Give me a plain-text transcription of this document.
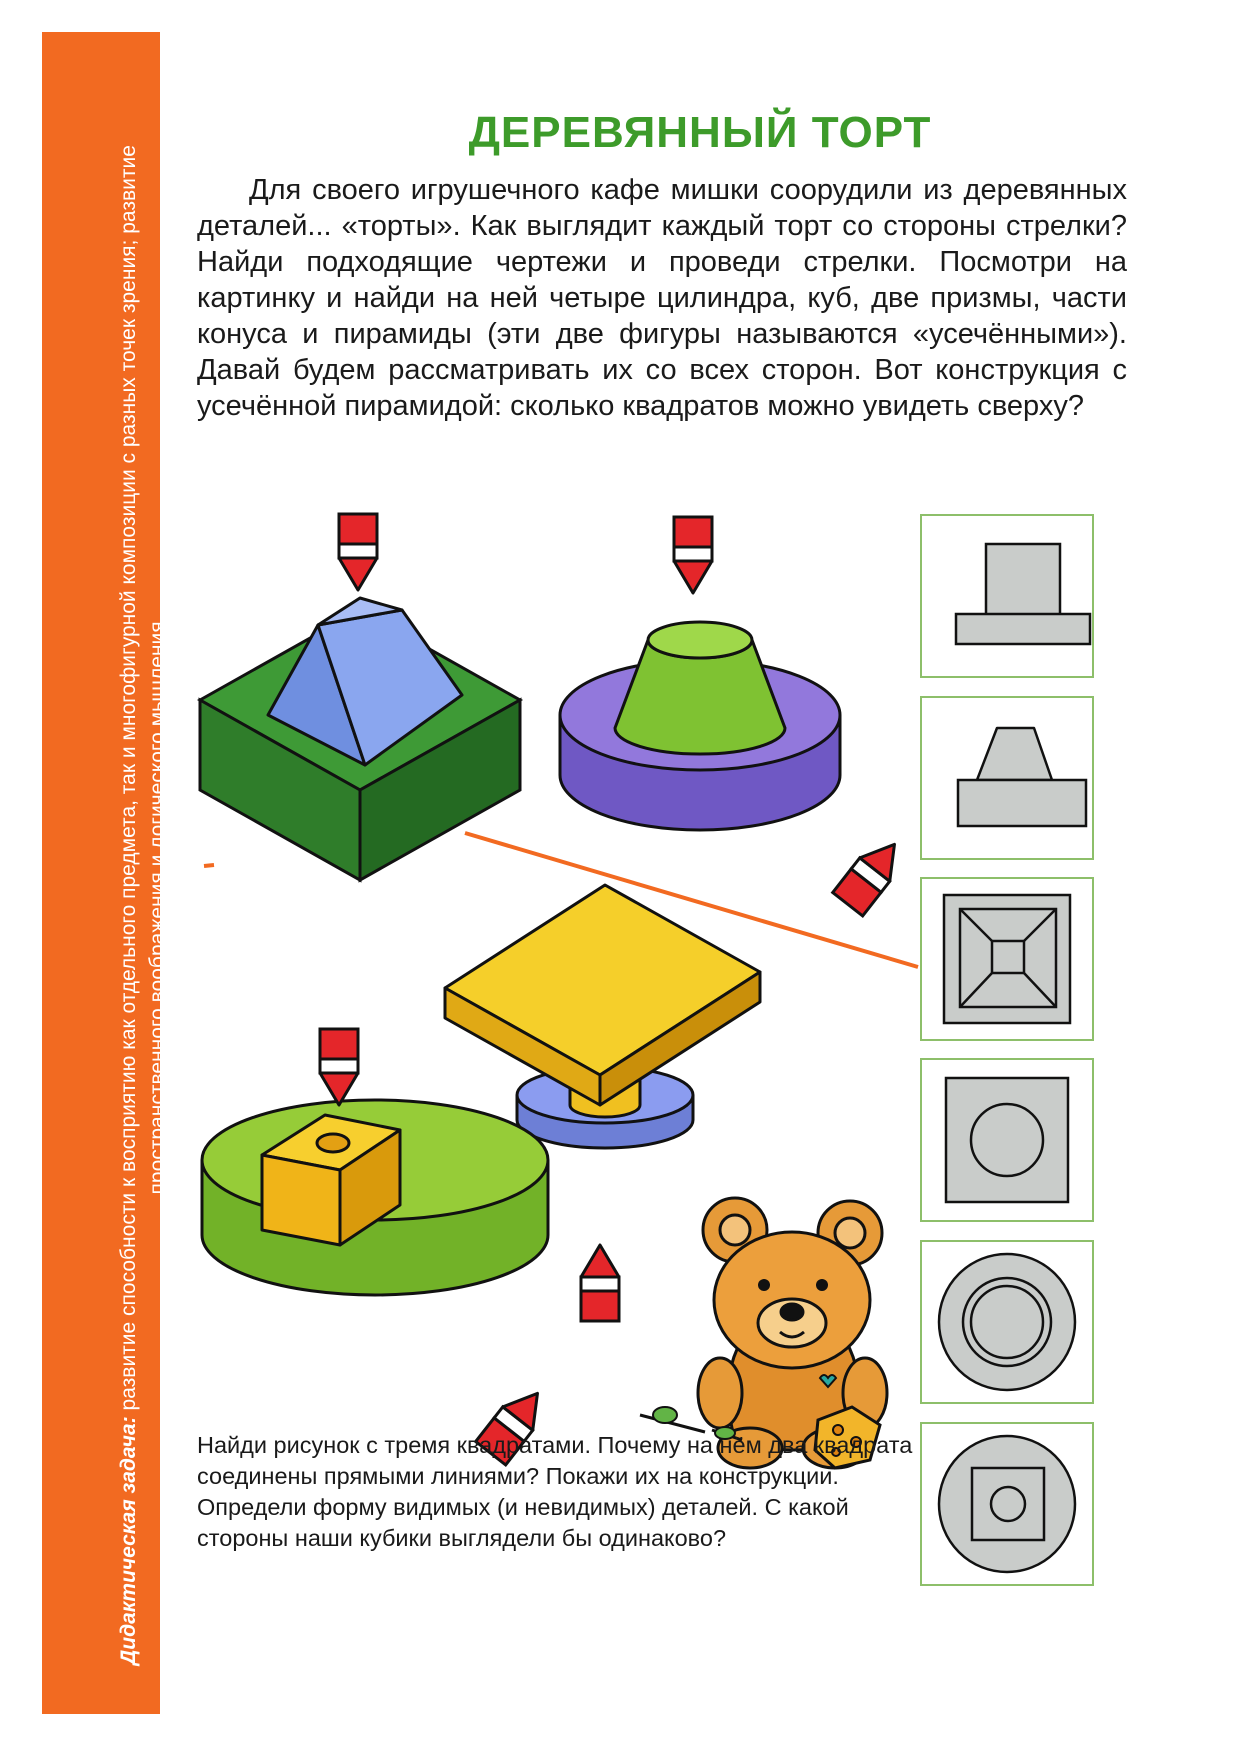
Дидактическая задача: развитие способности к восприятию как отдельного предмета, так и многофигурной композиции с разных точек зрения; развитие пространственного воображения и логического мышления.
ДЕРЕВЯННЫЙ ТОРТ

Для своего игрушечного кафе мишки соорудили из деревянных деталей... «торты». Как выглядит каждый торт со стороны стрелки? Найди подходящие чертежи и проведи стрелки. Посмотри на картинку и найди на ней четыре цилиндра, куб, две призмы, части конуса и пирамиды (эти две фигуры называются «усечёнными»). Давай будем рассматривать их со всех сторон. Вот конструкция с усечённой пирамидой: сколько квадратов можно увидеть сверху?

Найди рисунок с тремя квадратами. Почему на нём два квадрата соединены прямыми линиями? Покажи их на конструкции. Определи форму видимых (и невидимых) деталей. С какой стороны наши кубики выглядели бы одинаково?
